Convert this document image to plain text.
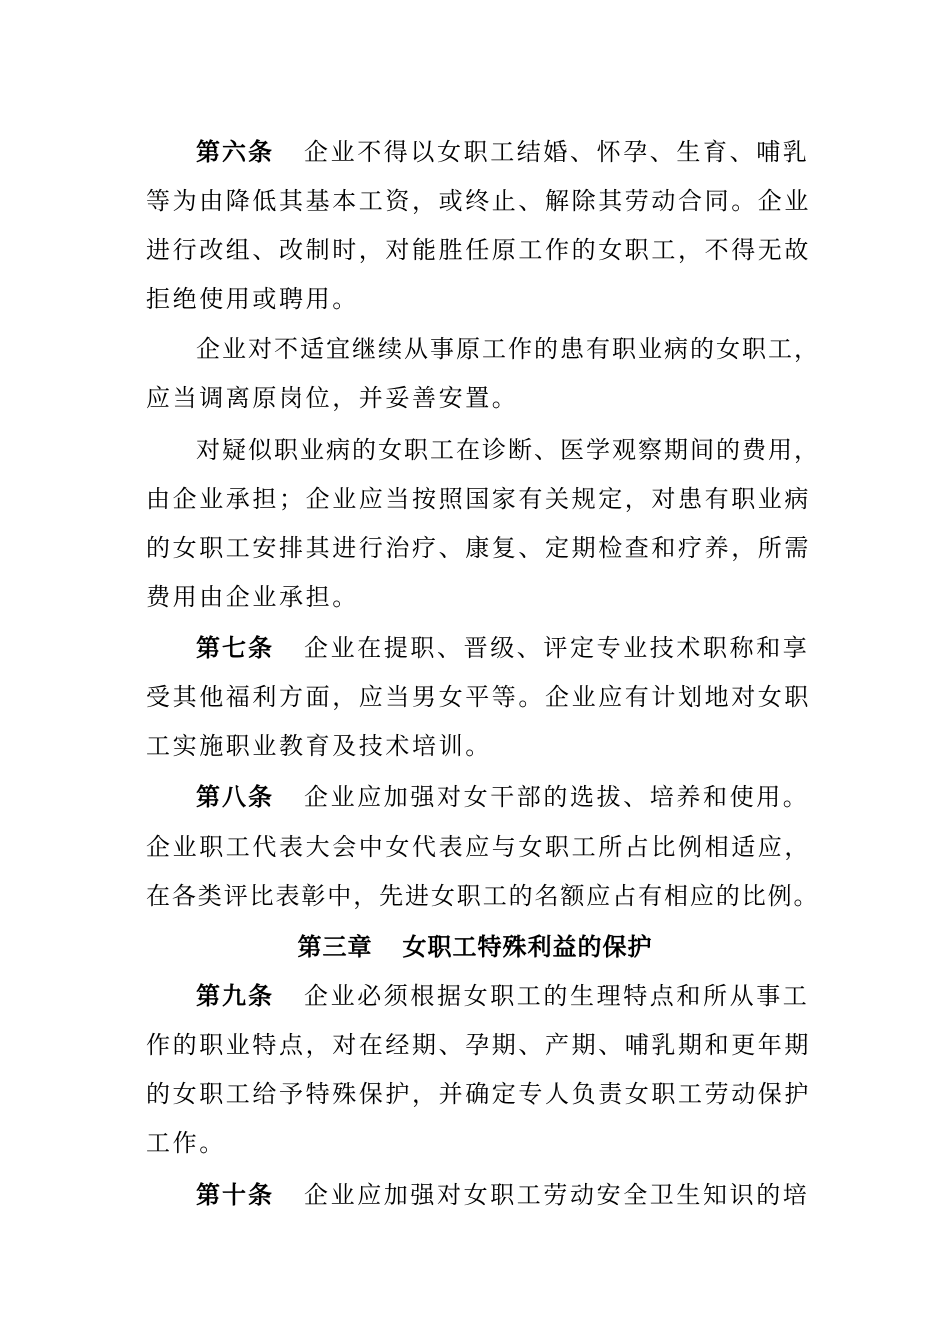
第六条 企业不得以女职工结婚、怀孕、生育、哺乳
等为由降低其基本工资，或终止、解除其劳动合同。企业
进行改组、改制时，对能胜任原工作的女职工，不得无故
拒绝使用或聘用。
企业对不适宜继续从事原工作的患有职业病的女职工，
应当调离原岗位，并妥善安置。
对疑似职业病的女职工在诊断、医学观察期间的费用，
由企业承担；企业应当按照国家有关规定，对患有职业病
的女职工安排其进行治疗、康复、定期检查和疗养，所需
费用由企业承担。
第七条 企业在提职、晋级、评定专业技术职称和享
受其他福利方面，应当男女平等。企业应有计划地对女职
工实施职业教育及技术培训。
第八条 企业应加强对女干部的选拔、培养和使用。
企业职工代表大会中女代表应与女职工所占比例相适应，
在各类评比表彰中，先进女职工的名额应占有相应的比例。
第三章 女职工特殊利益的保护
第九条 企业必须根据女职工的生理特点和所从事工
作的职业特点，对在经期、孕期、产期、哺乳期和更年期
的女职工给予特殊保护，并确定专人负责女职工劳动保护
工作。
第十条 企业应加强对女职工劳动安全卫生知识的培
